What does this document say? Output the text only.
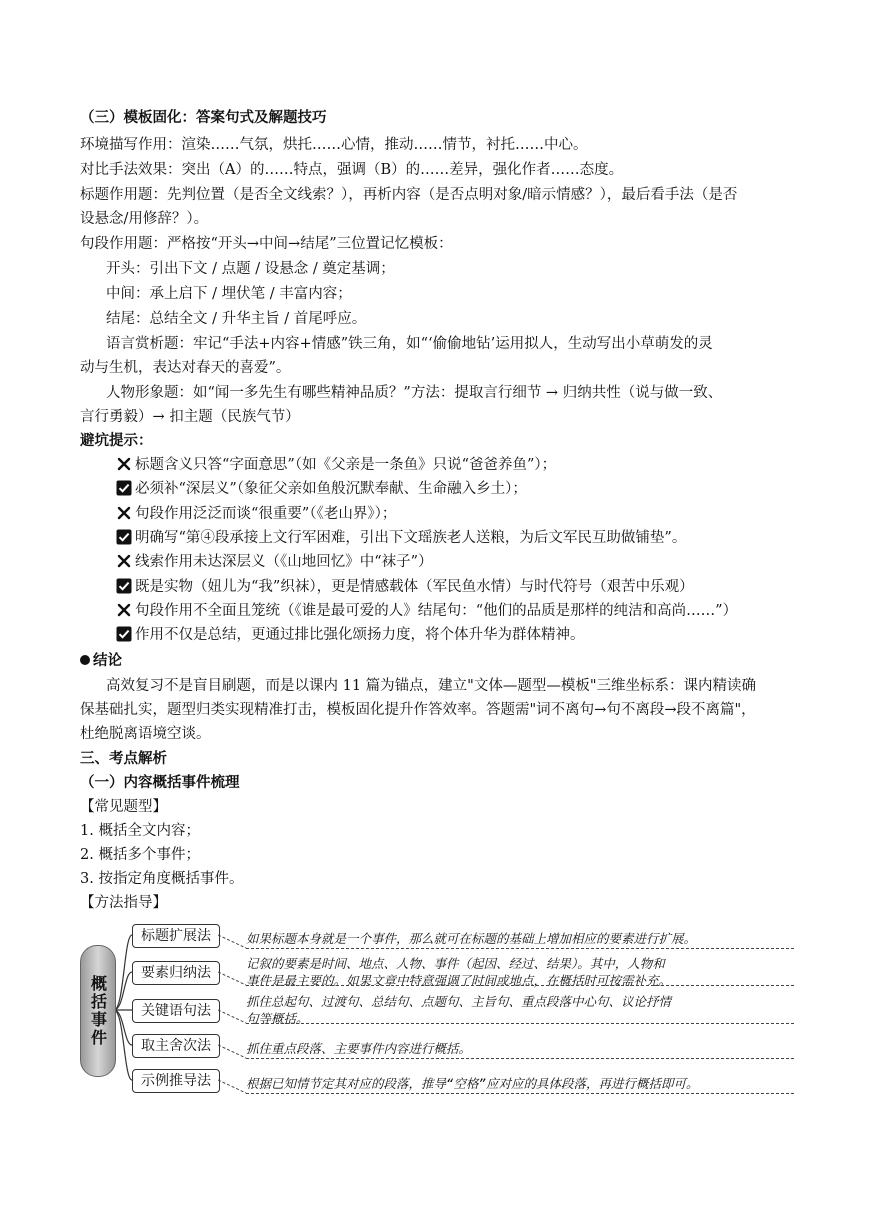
（三）模板固化：答案句式及解题技巧
环境描写作用：渲染……气氛，烘托……心情，推动……情节，衬托……中心。
对比手法效果：突出（A）的……特点，强调（B）的……差异，强化作者……态度。
标题作用题：先判位置（是否全文线索？），再析内容（是否点明对象/暗示情感？），最后看手法（是否
设悬念/用修辞？）。
句段作用题：严格按“开头→中间→结尾”三位置记忆模板：
开头：引出下文 / 点题 / 设悬念 / 奠定基调；
中间：承上启下 / 埋伏笔 / 丰富内容；
结尾：总结全文 / 升华主旨 / 首尾呼应。
语言赏析题：牢记“手法+内容+情感”铁三角，如“‘偷偷地钻’运用拟人，生动写出小草萌发的灵
动与生机，表达对春天的喜爱”。
人物形象题：如“闻一多先生有哪些精神品质？”方法：提取言行细节 → 归纳共性（说与做一致、
言行勇毅）→ 扣主题（民族气节）
避坑提示：
标题含义只答“字面意思”（如《父亲是一条鱼》只说“爸爸养鱼”）；
必须补“深层义”（象征父亲如鱼般沉默奉献、生命融入乡土）；
句段作用泛泛而谈“很重要”（《老山界》）；
明确写“第④段承接上文行军困难，引出下文瑶族老人送粮，为后文军民互助做铺垫”。
线索作用未达深层义（《山地回忆》中“袜子”）
既是实物（妞儿为“我”织袜），更是情感载体（军民鱼水情）与时代符号（艰苦中乐观）
句段作用不全面且笼统（《谁是最可爱的人》结尾句：“他们的品质是那样的纯洁和高尚……”）
作用不仅是总结，更通过排比强化颂扬力度，将个体升华为群体精神。
结论
高效复习不是盲目刷题，而是以课内 11 篇为锚点，建立"文体—题型—模板"三维坐标系：课内精读确
保基础扎实，题型归类实现精准打击，模板固化提升作答效率。答题需"词不离句→句不离段→段不离篇"，
杜绝脱离语境空谈。
三、考点解析
（一）内容概括事件梳理
【常见题型】
1. 概括全文内容；
2. 概括多个事件；
3. 按指定角度概括事件。
【方法指导】
概括事件
标题扩展法	如果标题本身就是一个事件，那么就可在标题的基础上增加相应的要素进行扩展。
要素归纳法
记叙的要素是时间、地点、人物、事件（起因、经过、结果）。其中，人物和
事件是最主要的。如果文章中特意强调了时间或地点，在概括时可按需补充。
关键语句法
抓住总起句、过渡句、总结句、点题句、主旨句、重点段落中心句、议论抒情
句等概括。
取主舍次法	抓住重点段落、主要事件内容进行概括。
示例推导法	根据已知情节定其对应的段落，推导“空格”应对应的具体段落，再进行概括即可。
